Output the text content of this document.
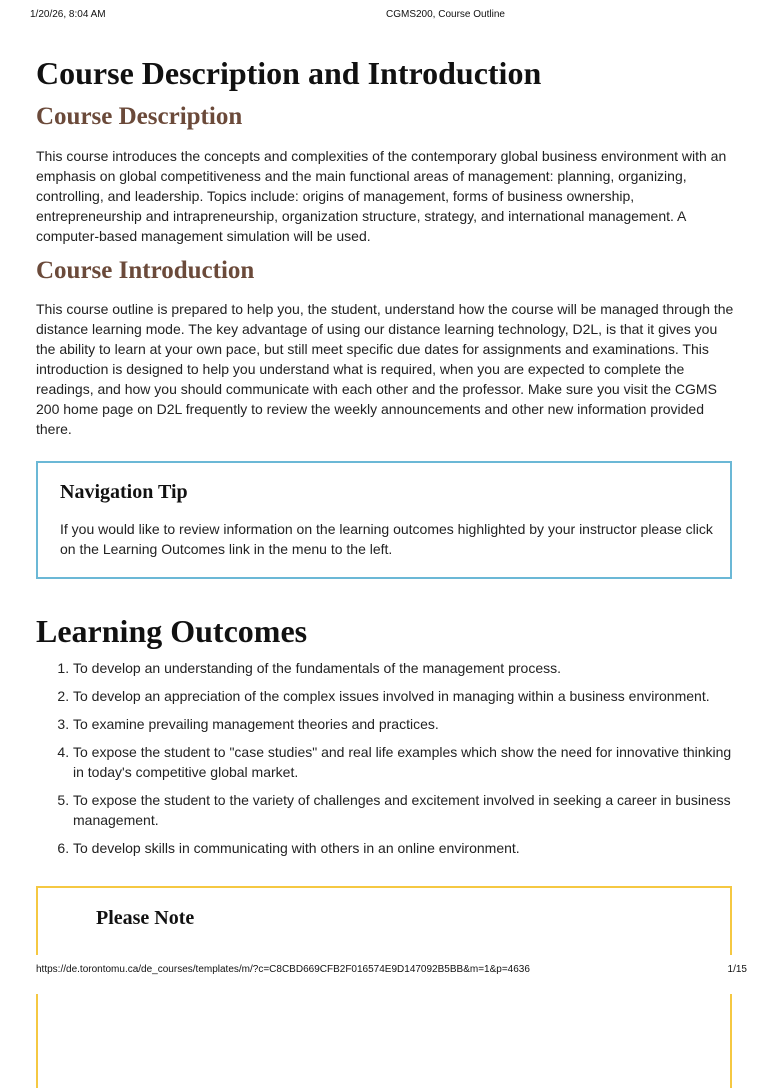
1/20/26, 8:04 AM	CGMS200, Course Outline
Course Description and Introduction
Course Description

This course introduces the concepts and complexities of the contemporary global business environment with an emphasis on global competitiveness and the main functional areas of management: planning, organizing, controlling, and leadership. Topics include: origins of management, forms of business ownership, entrepreneurship and intrapreneurship, organization structure, strategy, and international management. A computer-based management simulation will be used.

Course Introduction

This course outline is prepared to help you, the student, understand how the course will be managed through the distance learning mode. The key advantage of using our distance learning technology, D2L, is that it gives you the ability to learn at your own pace, but still meet specific due dates for assignments and examinations. This introduction is designed to help you understand what is required, when you are expected to complete the readings, and how you should communicate with each other and the professor. Make sure you visit the CGMS 200 home page on D2L frequently to review the weekly announcements and other new information provided there.

Navigation Tip

If you would like to review information on the learning outcomes highlighted by your instructor please click on the Learning Outcomes link in the menu to the left.

Learning Outcomes
1. To develop an understanding of the fundamentals of the management process.
2. To develop an appreciation of the complex issues involved in managing within a business environment.
3. To examine prevailing management theories and practices.
4. To expose the student to "case studies" and real life examples which show the need for innovative thinking in today's competitive global market.
5. To expose the student to the variety of challenges and excitement involved in seeking a career in business management.
6. To develop skills in communicating with others in an online environment.
Please Note
https://de.torontomu.ca/de_courses/templates/m/?c=C8CBD669CFB2F016574E9D147092B5BB&m=1&p=4636	1/15
